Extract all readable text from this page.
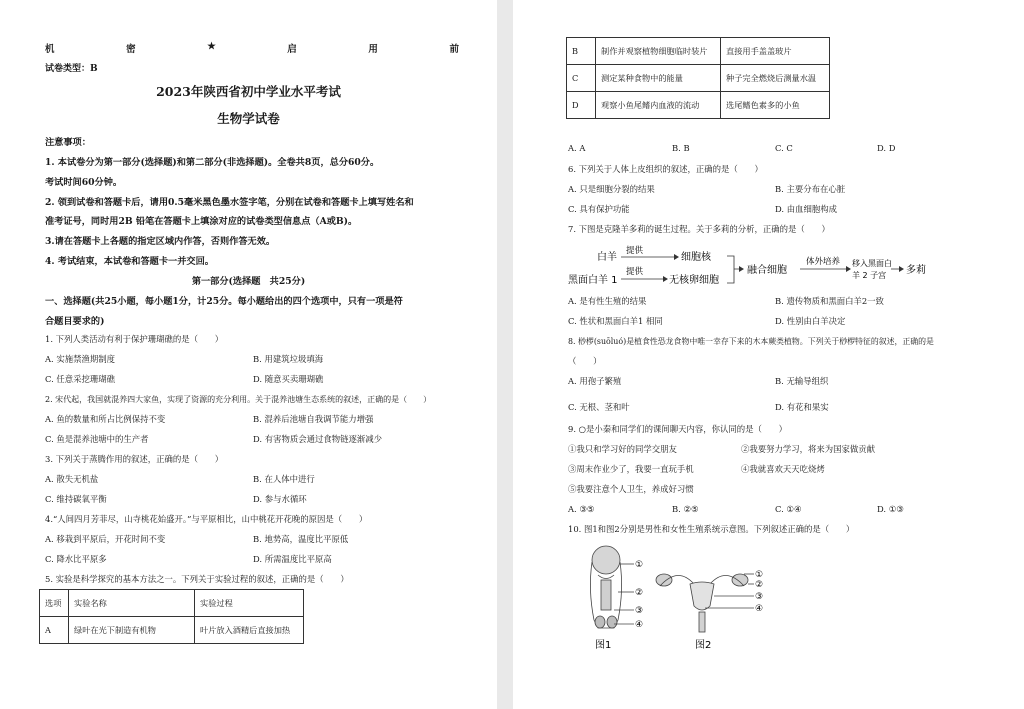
机	密	★	启	用	前
试卷类型：B
2023年陕西省初中学业水平考试
生物学试卷
注意事项：
1. 本试卷分为第一部分(选择题)和第二部分(非选择题)。全卷共8页，总分60分。
考试时间60分钟。
2. 领到试卷和答题卡后，请用0.5毫米黑色墨水签字笔，分别在试卷和答题卡上填写姓名和
准考证号，同时用2B 铅笔在答题卡上填涂对应的试卷类型信息点（A或B)。
3.请在答题卡上各题的指定区域内作答，否则作答无效。
4. 考试结束，本试卷和答题卡一并交回。
第一部分(选择题　共25分)
一、选择题(共25小题，每小题1分，计25分。每小题给出的四个选项中，只有一项是符
合题目要求的)
1. 下列人类活动有利于保护珊瑚礁的是（　　）
A. 实施禁渔期制度	B. 用建筑垃圾填海
C. 任意采挖珊瑚礁	D. 随意买卖珊瑚礁
2. 宋代起，我国就混养四大家鱼，实现了资源的充分利用。关于混养池塘生态系统的叙述，正确的是（　　）
A. 鱼的数量和所占比例保持不变	B. 混养后池塘自我调节能力增强
C. 鱼是混养池塘中的生产者	D. 有害物质会通过食物链逐渐减少
3. 下列关于蒸腾作用的叙述，正确的是（　　）
A. 散失无机盐	B. 在人体中进行
C. 维持碳氧平衡	D. 参与水循环
4.“人间四月芳菲尽，山寺桃花始盛开。”与平原相比，山中桃花开花晚的原因是（　　）
A. 移栽到平原后，开花时间不变	B. 地势高，温度比平原低
C. 降水比平原多	D. 所需温度比平原高
5. 实验是科学探究的基本方法之一。下列关于实验过程的叙述，正确的是（　　）
选项	实验名称	实验过程
A	绿叶在光下制造有机物	叶片放入酒精后直接加热
B	制作并观察植物细胞临时装片	直接用手盖盖玻片
C	测定某种食物中的能量	种子完全燃烧后测量水温
D	观察小鱼尾鳍内血液的流动	选尾鳍色素多的小鱼
A. A	B. B	C. C	D. D
6. 下列关于人体上皮组织的叙述，正确的是（　　）
A. 只是细胞分裂的结果	B. 主要分布在心脏
C. 具有保护功能	D. 由血细胞构成
7. 下图是克隆羊多莉的诞生过程。关于多莉的分析，正确的是（　　）
白羊
提供
细胞核
黑面白羊 1
提供
无核卵细胞
融合细胞
体外培养 移入黑面白
羊 2 子宫 多莉
A. 是有性生殖的结果	B. 遗传物质和黑面白羊2一致
C. 性状和黑面白羊1 相同	D. 性别由白羊决定
8. 桫椤(suōluó)是植食性恐龙食物中唯一幸存下来的木本蕨类植物。下列关于桫椤特征的叙述，正确的是
（　　）
A. 用孢子繁殖	B. 无输导组织
C. 无根、茎和叶	D. 有花和果实
9. ○是小秦和同学们的课间聊天内容，你认同的是（　　）
①我只和学习好的同学交朋友	②我要努力学习，将来为国家做贡献
③周末作业少了，我要一直玩手机	④我就喜欢天天吃烧烤
⑤我要注意个人卫生，养成好习惯
A. ③⑤	B. ②⑤	C. ①④	D. ①③
10. 图1和图2分别是男性和女性生殖系统示意图。下列叙述正确的是（　　）
①
②
③
④
图1
①
②
③
④
图2
